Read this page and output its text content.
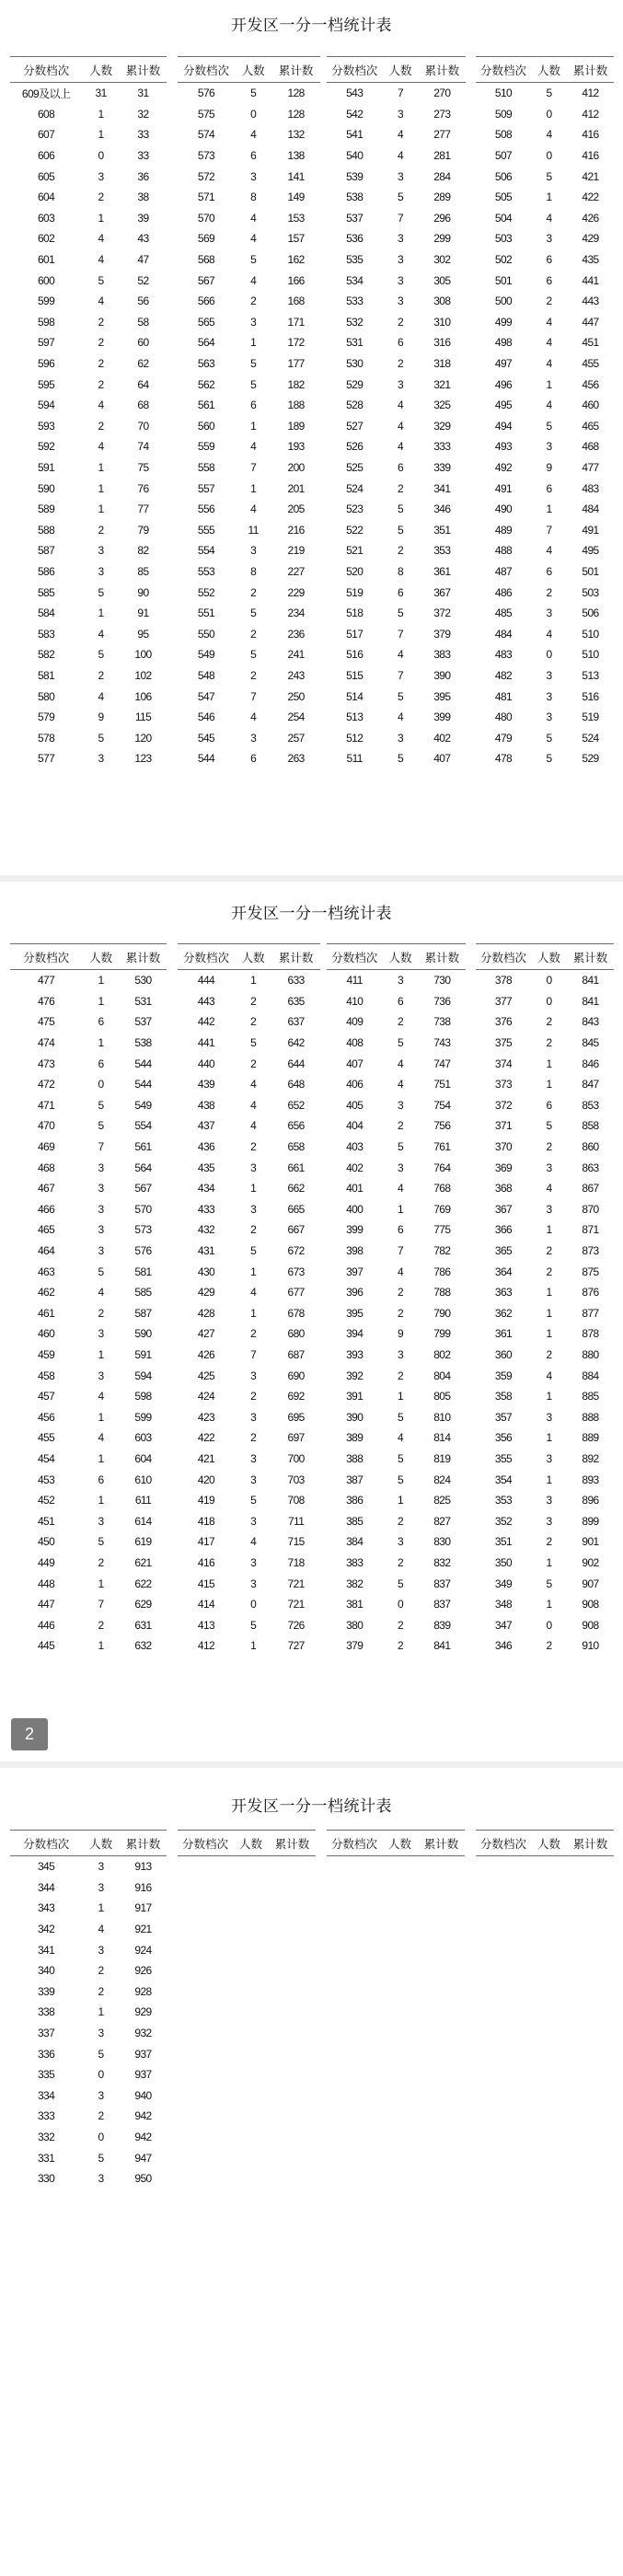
开发区一分一档统计表
分数档次	人数	累计数
609及以上	31	31
608	1	32
607	1	33
606	0	33
605	3	36
604	2	38
603	1	39
602	4	43
601	4	47
600	5	52
599	4	56
598	2	58
597	2	60
596	2	62
595	2	64
594	4	68
593	2	70
592	4	74
591	1	75
590	1	76
589	1	77
588	2	79
587	3	82
586	3	85
585	5	90
584	1	91
583	4	95
582	5	100
581	2	102
580	4	106
579	9	115
578	5	120
577	3	123
分数档次	人数	累计数
576	5	128
575	0	128
574	4	132
573	6	138
572	3	141
571	8	149
570	4	153
569	4	157
568	5	162
567	4	166
566	2	168
565	3	171
564	1	172
563	5	177
562	5	182
561	6	188
560	1	189
559	4	193
558	7	200
557	1	201
556	4	205
555	11	216
554	3	219
553	8	227
552	2	229
551	5	234
550	2	236
549	5	241
548	2	243
547	7	250
546	4	254
545	3	257
544	6	263
分数档次	人数	累计数
543	7	270
542	3	273
541	4	277
540	4	281
539	3	284
538	5	289
537	7	296
536	3	299
535	3	302
534	3	305
533	3	308
532	2	310
531	6	316
530	2	318
529	3	321
528	4	325
527	4	329
526	4	333
525	6	339
524	2	341
523	5	346
522	5	351
521	2	353
520	8	361
519	6	367
518	5	372
517	7	379
516	4	383
515	7	390
514	5	395
513	4	399
512	3	402
511	5	407
分数档次	人数	累计数
510	5	412
509	0	412
508	4	416
507	0	416
506	5	421
505	1	422
504	4	426
503	3	429
502	6	435
501	6	441
500	2	443
499	4	447
498	4	451
497	4	455
496	1	456
495	4	460
494	5	465
493	3	468
492	9	477
491	6	483
490	1	484
489	7	491
488	4	495
487	6	501
486	2	503
485	3	506
484	4	510
483	0	510
482	3	513
481	3	516
480	3	519
479	5	524
478	5	529
开发区一分一档统计表
分数档次	人数	累计数
477	1	530
476	1	531
475	6	537
474	1	538
473	6	544
472	0	544
471	5	549
470	5	554
469	7	561
468	3	564
467	3	567
466	3	570
465	3	573
464	3	576
463	5	581
462	4	585
461	2	587
460	3	590
459	1	591
458	3	594
457	4	598
456	1	599
455	4	603
454	1	604
453	6	610
452	1	611
451	3	614
450	5	619
449	2	621
448	1	622
447	7	629
446	2	631
445	1	632
分数档次	人数	累计数
444	1	633
443	2	635
442	2	637
441	5	642
440	2	644
439	4	648
438	4	652
437	4	656
436	2	658
435	3	661
434	1	662
433	3	665
432	2	667
431	5	672
430	1	673
429	4	677
428	1	678
427	2	680
426	7	687
425	3	690
424	2	692
423	3	695
422	2	697
421	3	700
420	3	703
419	5	708
418	3	711
417	4	715
416	3	718
415	3	721
414	0	721
413	5	726
412	1	727
分数档次	人数	累计数
411	3	730
410	6	736
409	2	738
408	5	743
407	4	747
406	4	751
405	3	754
404	2	756
403	5	761
402	3	764
401	4	768
400	1	769
399	6	775
398	7	782
397	4	786
396	2	788
395	2	790
394	9	799
393	3	802
392	2	804
391	1	805
390	5	810
389	4	814
388	5	819
387	5	824
386	1	825
385	2	827
384	3	830
383	2	832
382	5	837
381	0	837
380	2	839
379	2	841
分数档次	人数	累计数
378	0	841
377	0	841
376	2	843
375	2	845
374	1	846
373	1	847
372	6	853
371	5	858
370	2	860
369	3	863
368	4	867
367	3	870
366	1	871
365	2	873
364	2	875
363	1	876
362	1	877
361	1	878
360	2	880
359	4	884
358	1	885
357	3	888
356	1	889
355	3	892
354	1	893
353	3	896
352	3	899
351	2	901
350	1	902
349	5	907
348	1	908
347	0	908
346	2	910
2
开发区一分一档统计表
分数档次	人数	累计数
345	3	913
344	3	916
343	1	917
342	4	921
341	3	924
340	2	926
339	2	928
338	1	929
337	3	932
336	5	937
335	0	937
334	3	940
333	2	942
332	0	942
331	5	947
330	3	950
分数档次	人数	累计数 分数档次	人数	累计数 分数档次	人数	累计数
